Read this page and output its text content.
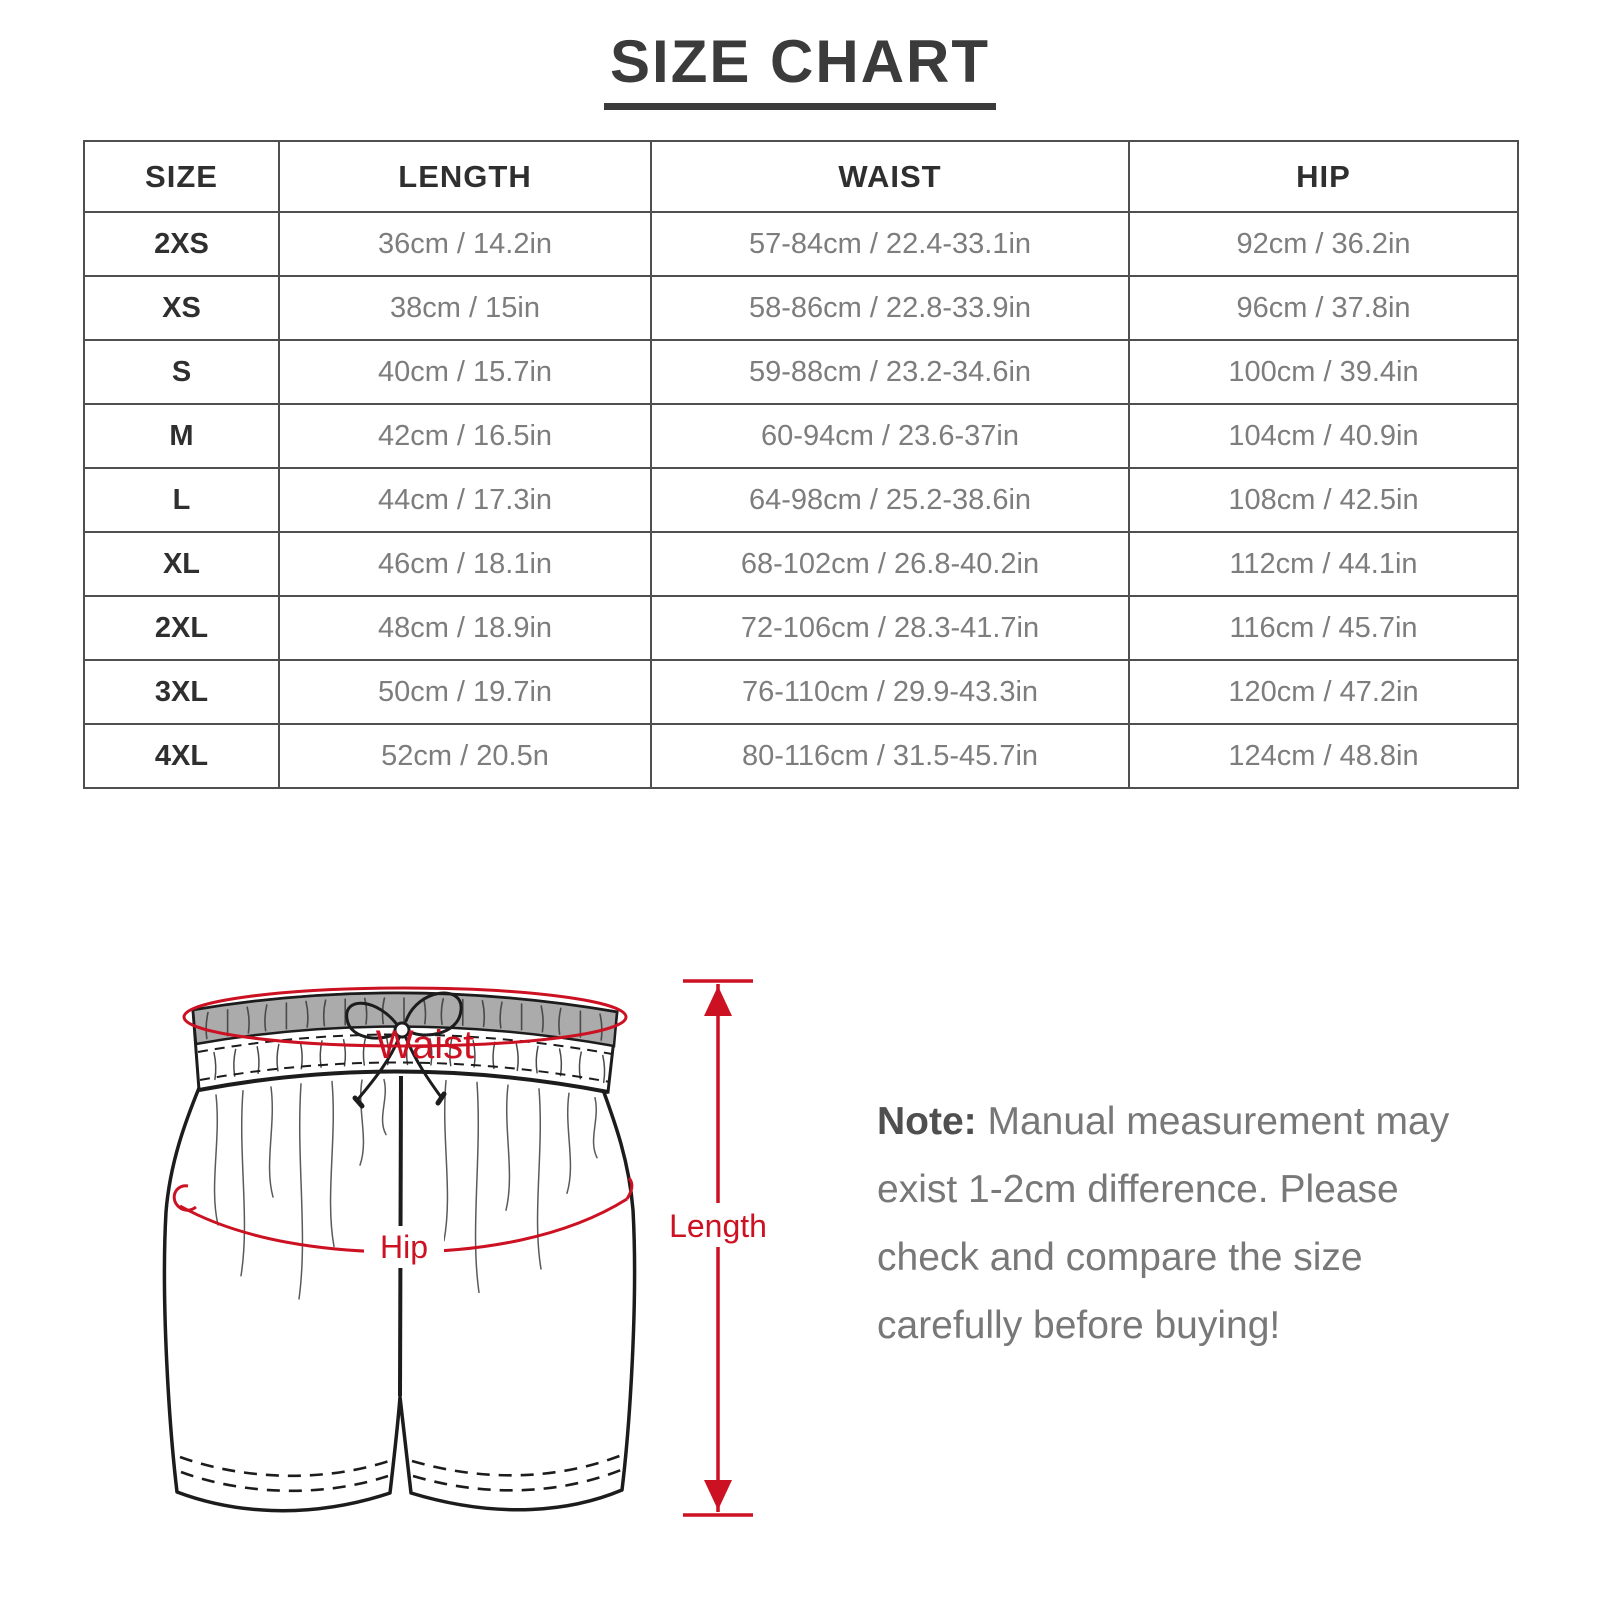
SIZE CHART
SIZE	LENGTH	WAIST	HIP
2XS	36cm / 14.2in	57-84cm / 22.4-33.1in	92cm / 36.2in
XS	38cm / 15in	58-86cm / 22.8-33.9in	96cm / 37.8in
S	40cm / 15.7in	59-88cm / 23.2-34.6in	100cm / 39.4in
M	42cm / 16.5in	60-94cm / 23.6-37in	104cm / 40.9in
L	44cm / 17.3in	64-98cm / 25.2-38.6in	108cm / 42.5in
XL	46cm / 18.1in	68-102cm / 26.8-40.2in	112cm / 44.1in
2XL	48cm / 18.9in	72-106cm / 28.3-41.7in	116cm / 45.7in
3XL	50cm / 19.7in	76-110cm / 29.9-43.3in	120cm / 47.2in
4XL	52cm / 20.5n	80-116cm / 31.5-45.7in	124cm / 48.8in
Waist
Hip
Length
Note: Manual measurement may
exist 1-2cm difference. Please
check and compare the size
carefully before buying!
